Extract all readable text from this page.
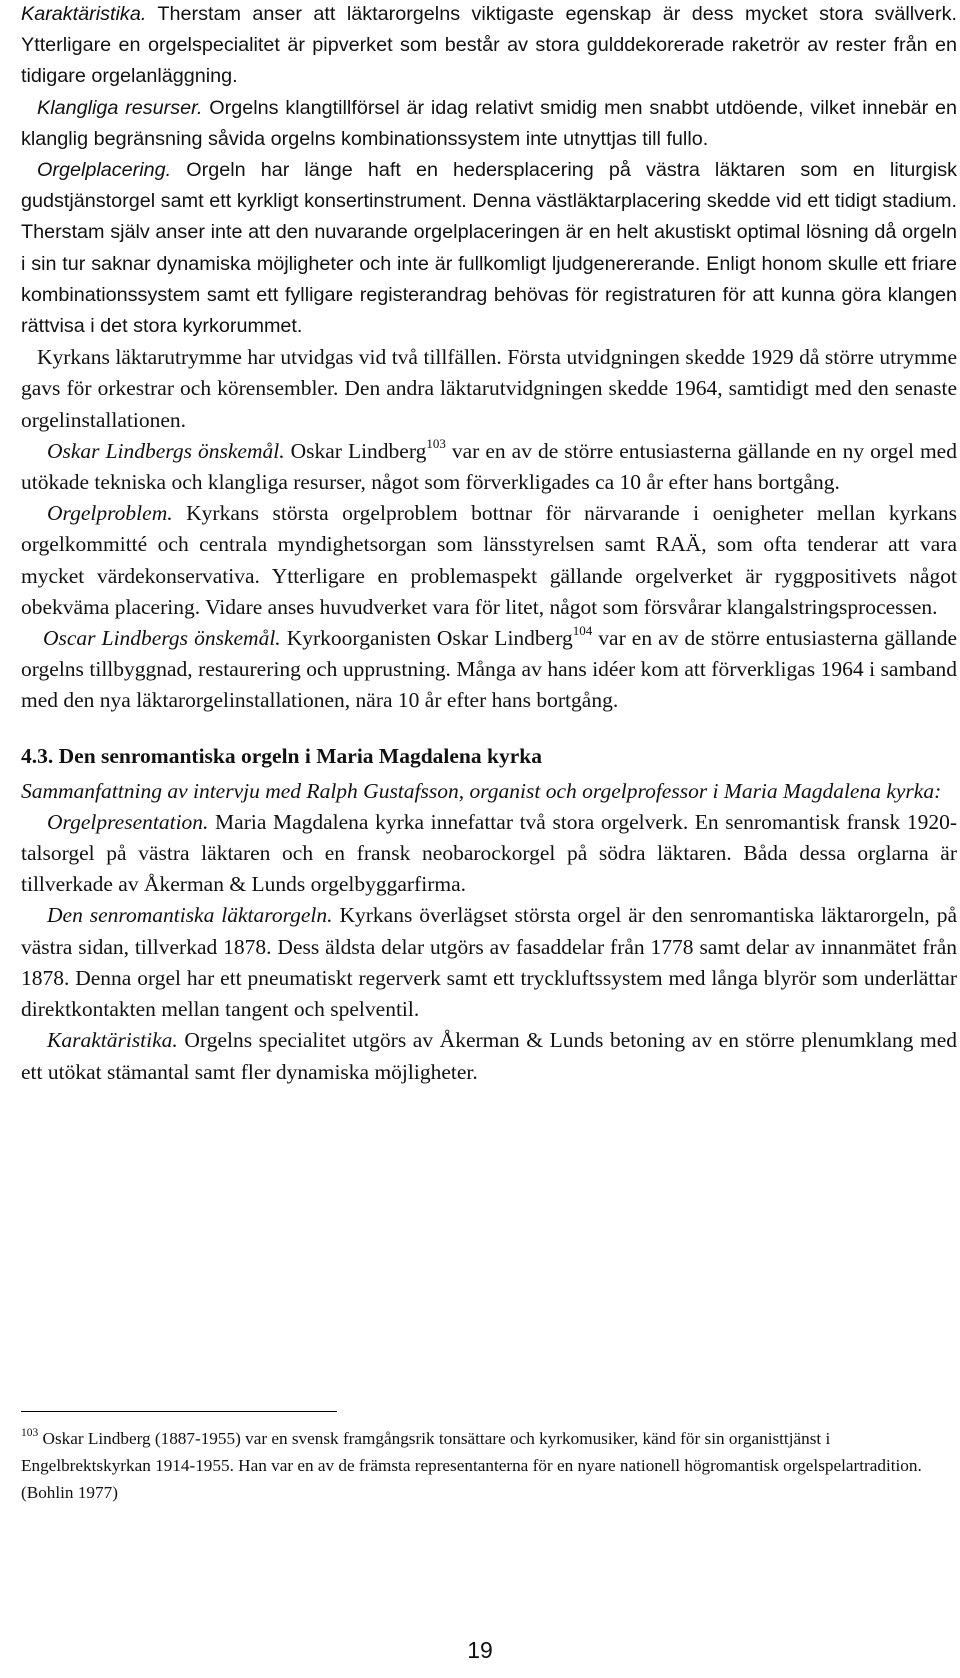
Karaktäristika. Therstam anser att läktarorgelns viktigaste egenskap är dess mycket stora svällverk. Ytterligare en orgelspecialitet är pipverket som består av stora gulddekorerade raketrör av rester från en tidigare orgelanläggning.

Klangliga resurser. Orgelns klangtillförsel är idag relativt smidig men snabbt utdöende, vilket innebär en klanglig begränsning såvida orgelns kombinationssystem inte utnyttjas till fullo.

Orgelplacering. Orgeln har länge haft en hedersplacering på västra läktaren som en liturgisk gudstjänstorgel samt ett kyrkligt konsertinstrument. Denna västläktarplacering skedde vid ett tidigt stadium. Therstam själv anser inte att den nuvarande orgelplaceringen är en helt akustiskt optimal lösning då orgeln i sin tur saknar dynamiska möjligheter och inte är fullkomligt ljudgenererande. Enligt honom skulle ett friare kombinationssystem samt ett fylligare registerandrag behövas för registraturen för att kunna göra klangen rättvisa i det stora kyrkorummet.

Kyrkans läktarutrymme har utvidgas vid två tillfällen. Första utvidgningen skedde 1929 då större utrymme gavs för orkestrar och körensembler. Den andra läktarutvidgningen skedde 1964, samtidigt med den senaste orgelinstallationen.

Oskar Lindbergs önskemål. Oskar Lindberg$^{103}$ var en av de större entusiasterna gällande en ny orgel med utökade tekniska och klangliga resurser, något som förverkligades ca 10 år efter hans bortgång.

Orgelproblem. Kyrkans största orgelproblem bottnar för närvarande i oenigheter mellan kyrkans orgelkommitté och centrala myndighetsorgan som länsstyrelsen samt RAÄ, som ofta tenderar att vara mycket värdekonservativa. Ytterligare en problemaspekt gällande orgelverket är ryggpositivets något obekväma placering. Vidare anses huvudverket vara för litet, något som försvårar klangalstringsprocessen.

Oscar Lindbergs önskemål. Kyrkoorganisten Oskar Lindberg$^{104}$ var en av de större entusiasterna gällande orgelns tillbyggnad, restaurering och upprustning. Många av hans idéer kom att förverkligas 1964 i samband med den nya läktarorgelinstallationen, nära 10 år efter hans bortgång.

4.3. Den senromantiska orgeln i Maria Magdalena kyrka

Sammanfattning av intervju med Ralph Gustafsson, organist och orgelprofessor i Maria Magdalena kyrka:

Orgelpresentation. Maria Magdalena kyrka innefattar två stora orgelverk. En senromantisk fransk 1920-talsorgel på västra läktaren och en fransk neobarockorgel på södra läktaren. Båda dessa orglarna är tillverkade av Åkerman & Lunds orgelbyggarfirma.

Den senromantiska läktarorgeln. Kyrkans överlägset största orgel är den senromantiska läktarorgeln, på västra sidan, tillverkad 1878. Dess äldsta delar utgörs av fasaddelar från 1778 samt delar av innanmätet från 1878. Denna orgel har ett pneumatiskt regerverk samt ett tryckluftssystem med långa blyrör som underlättar direktkontakten mellan tangent och spelventil.

Karaktäristika. Orgelns specialitet utgörs av Åkerman & Lunds betoning av en större plenumklang med ett utökat stämantal samt fler dynamiska möjligheter.

$^{103}$ Oskar Lindberg (1887-1955) var en svensk framgångsrik tonsättare och kyrkomusiker, känd för sin organisttjänst i Engelbrektskyrkan 1914-1955. Han var en av de främsta representanterna för en nyare nationell högromantisk orgelspelartradition. (Bohlin 1977)

19
